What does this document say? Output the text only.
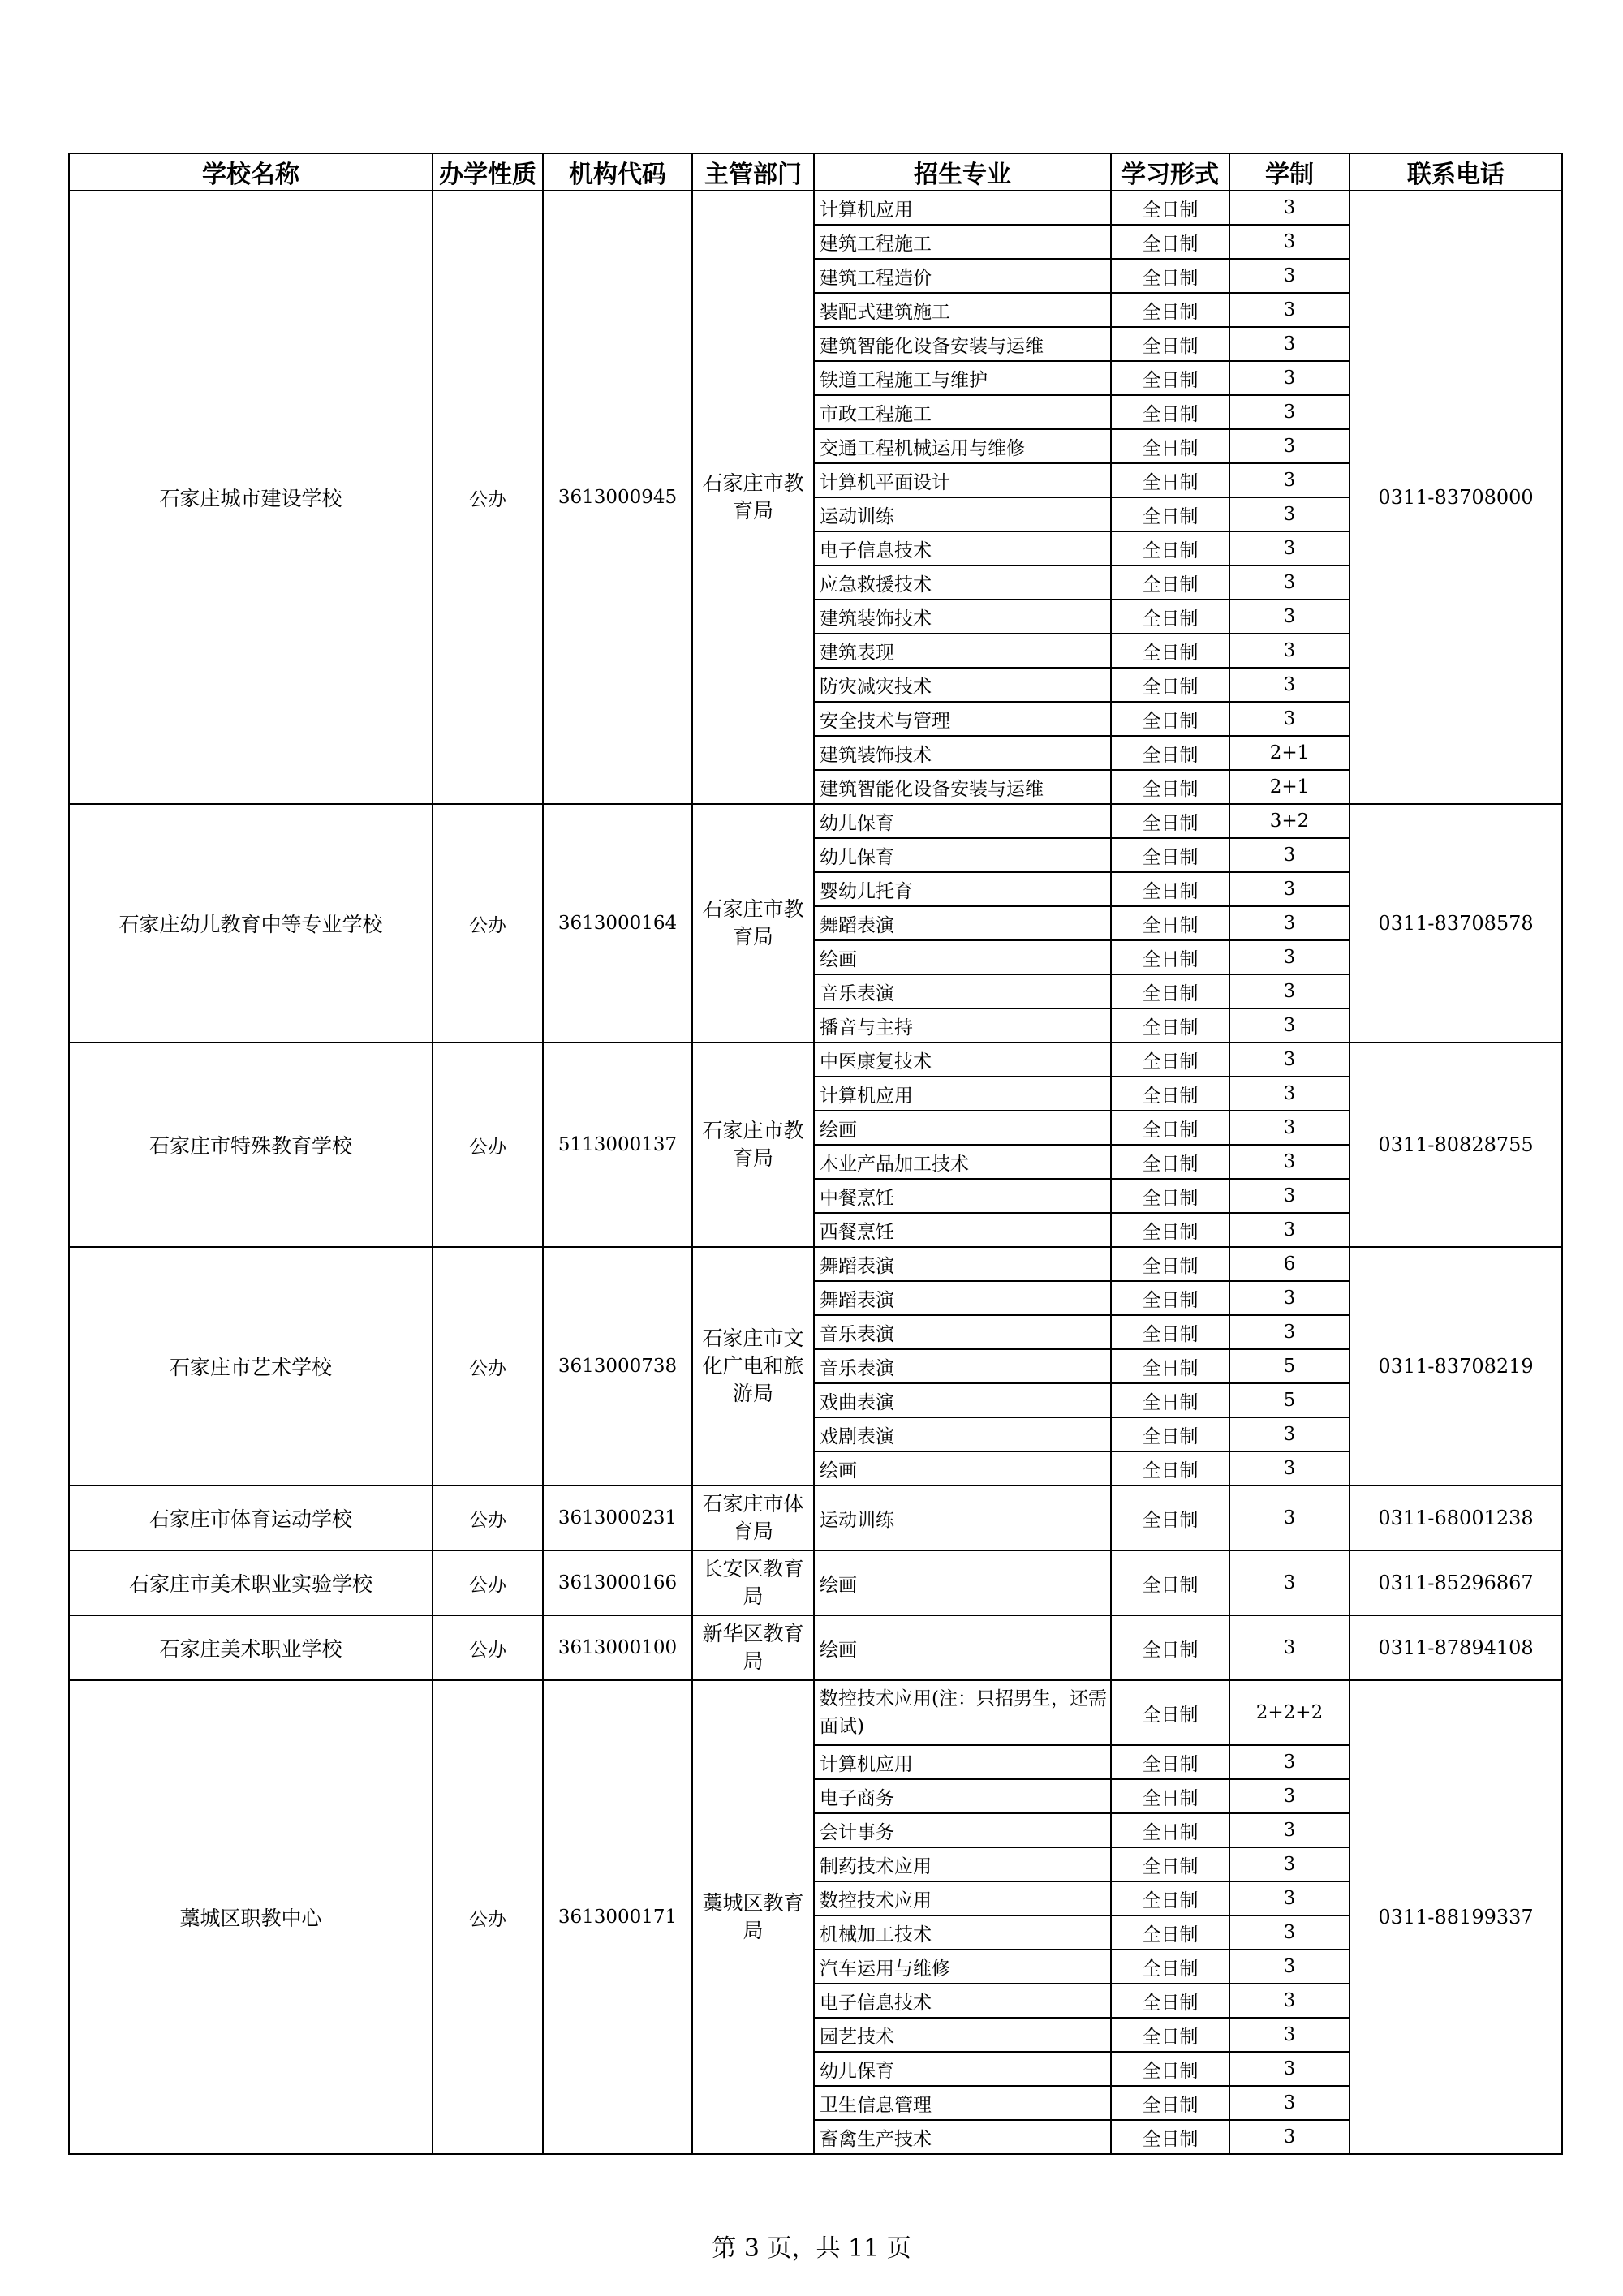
学校名称	办学性质	机构代码	主管部门	招生专业	学习形式	学制	联系电话
石家庄城市建设学校	公办	3613000945	石家庄市教育局	计算机应用	全日制	3	0311-83708000
				建筑工程施工	全日制	3	
				建筑工程造价	全日制	3	
				装配式建筑施工	全日制	3	
				建筑智能化设备安装与运维	全日制	3	
				铁道工程施工与维护	全日制	3	
				市政工程施工	全日制	3	
				交通工程机械运用与维修	全日制	3	
				计算机平面设计	全日制	3	
				运动训练	全日制	3	
				电子信息技术	全日制	3	
				应急救援技术	全日制	3	
				建筑装饰技术	全日制	3	
				建筑表现	全日制	3	
				防灾减灾技术	全日制	3	
				安全技术与管理	全日制	3	
				建筑装饰技术	全日制	2+1	
				建筑智能化设备安装与运维	全日制	2+1	
石家庄幼儿教育中等专业学校	公办	3613000164	石家庄市教育局	幼儿保育	全日制	3+2	0311-83708578
				幼儿保育	全日制	3	
				婴幼儿托育	全日制	3	
				舞蹈表演	全日制	3	
				绘画	全日制	3	
				音乐表演	全日制	3	
				播音与主持	全日制	3	
石家庄市特殊教育学校	公办	5113000137	石家庄市教育局	中医康复技术	全日制	3	0311-80828755
				计算机应用	全日制	3	
				绘画	全日制	3	
				木业产品加工技术	全日制	3	
				中餐烹饪	全日制	3	
				西餐烹饪	全日制	3	
石家庄市艺术学校	公办	3613000738	石家庄市文化广电和旅游局	舞蹈表演	全日制	6	0311-83708219
				舞蹈表演	全日制	3	
				音乐表演	全日制	3	
				音乐表演	全日制	5	
				戏曲表演	全日制	5	
				戏剧表演	全日制	3	
				绘画	全日制	3	
石家庄市体育运动学校	公办	3613000231	石家庄市体育局	运动训练	全日制	3	0311-68001238
石家庄市美术职业实验学校	公办	3613000166	长安区教育局	绘画	全日制	3	0311-85296867
石家庄美术职业学校	公办	3613000100	新华区教育局	绘画	全日制	3	0311-87894108
藁城区职教中心	公办	3613000171	藁城区教育局	数控技术应用(注：只招男生，还需面试)	全日制	2+2+2	0311-88199337
				计算机应用	全日制	3	
				电子商务	全日制	3	
				会计事务	全日制	3	
				制药技术应用	全日制	3	
				数控技术应用	全日制	3	
				机械加工技术	全日制	3	
				汽车运用与维修	全日制	3	
				电子信息技术	全日制	3	
				园艺技术	全日制	3	
				幼儿保育	全日制	3	
				卫生信息管理	全日制	3	
				畜禽生产技术	全日制	3	
第 3 页，共 11 页
